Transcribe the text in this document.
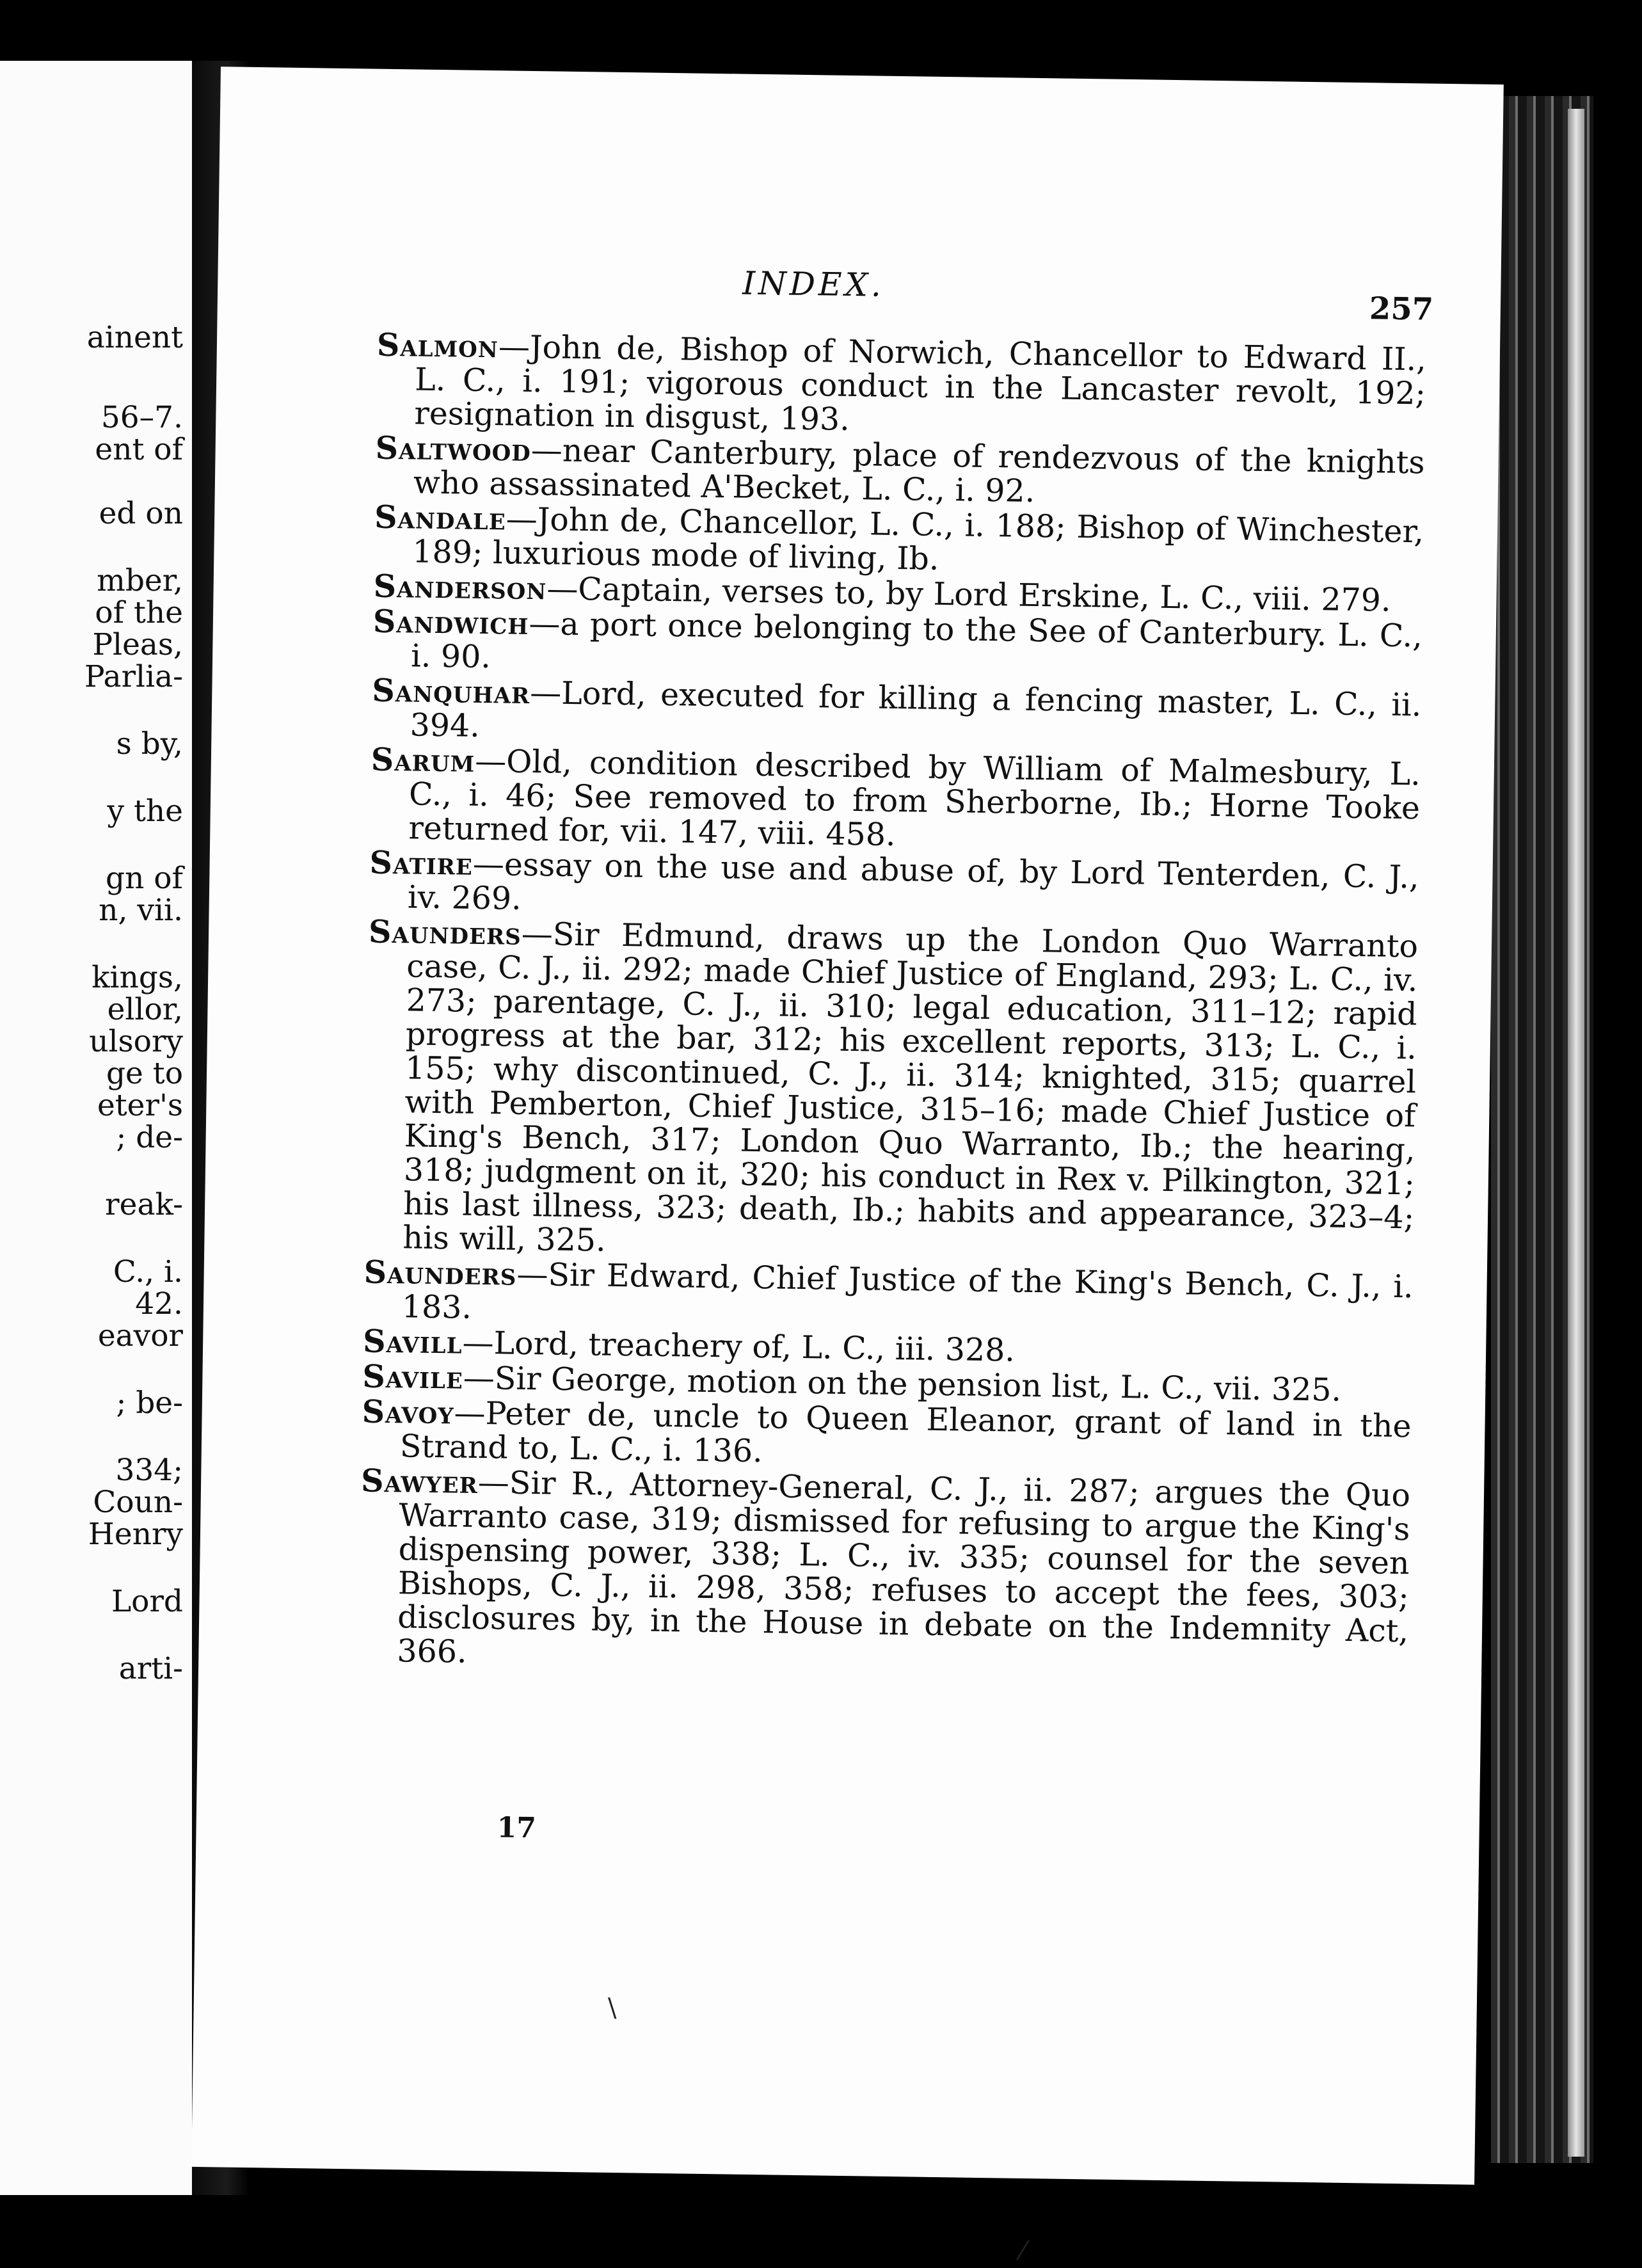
ainent
56–7.
ent of
ed on
mber,
of the
Pleas,
Parlia-
s by,
y the
gn of
n, vii.
kings,
ellor,
ulsory
ge to
eter's
; de-
reak-
C., i.
42.
eavor
; be-
334;
Coun-
Henry
Lord
arti-
INDEX.
257

Salmon—John de, Bishop of Norwich, Chancellor to Edward II., L. C., i. 191; vigorous conduct in the Lancaster revolt, 192; resignation in disgust, 193.

Saltwood—near Canterbury, place of rendezvous of the knights who assassinated A'Becket, L. C., i. 92.

Sandale—John de, Chancellor, L. C., i. 188; Bishop of Winchester, 189; luxurious mode of living, Ib.

Sanderson—Captain, verses to, by Lord Erskine, L. C., viii. 279.

Sandwich—a port once belonging to the See of Canterbury. L. C., i. 90.

Sanquhar—Lord, executed for killing a fencing master, L. C., ii. 394.

Sarum—Old, condition described by William of Malmesbury, L. C., i. 46; See removed to from Sherborne, Ib.; Horne Tooke returned for, vii. 147, viii. 458.

Satire—essay on the use and abuse of, by Lord Tenterden, C. J., iv. 269.

Saunders—Sir Edmund, draws up the London Quo Warranto case, C. J., ii. 292; made Chief Justice of England, 293; L. C., iv. 273; parentage, C. J., ii. 310; legal education, 311–12; rapid progress at the bar, 312; his excellent reports, 313; L. C., i. 155; why discontinued, C. J., ii. 314; knighted, 315; quarrel with Pemberton, Chief Justice, 315–16; made Chief Justice of King's Bench, 317; London Quo Warranto, Ib.; the hearing, 318; judgment on it, 320; his conduct in Rex v. Pilkington, 321; his last illness, 323; death, Ib.; habits and appearance, 323–4; his will, 325.

Saunders—Sir Edward, Chief Justice of the King's Bench, C. J., i. 183.

Savill—Lord, treachery of, L. C., iii. 328.

Savile—Sir George, motion on the pension list, L. C., vii. 325.

Savoy—Peter de, uncle to Queen Eleanor, grant of land in the Strand to, L. C., i. 136.

Sawyer—Sir R., Attorney-General, C. J., ii. 287; argues the Quo Warranto case, 319; dismissed for refusing to argue the King's dispensing power, 338; L. C., iv. 335; counsel for the seven Bishops, C. J., ii. 298, 358; refuses to accept the fees, 303; disclosures by, in the House in debate on the Indemnity Act, 366.

17
\
⁄
